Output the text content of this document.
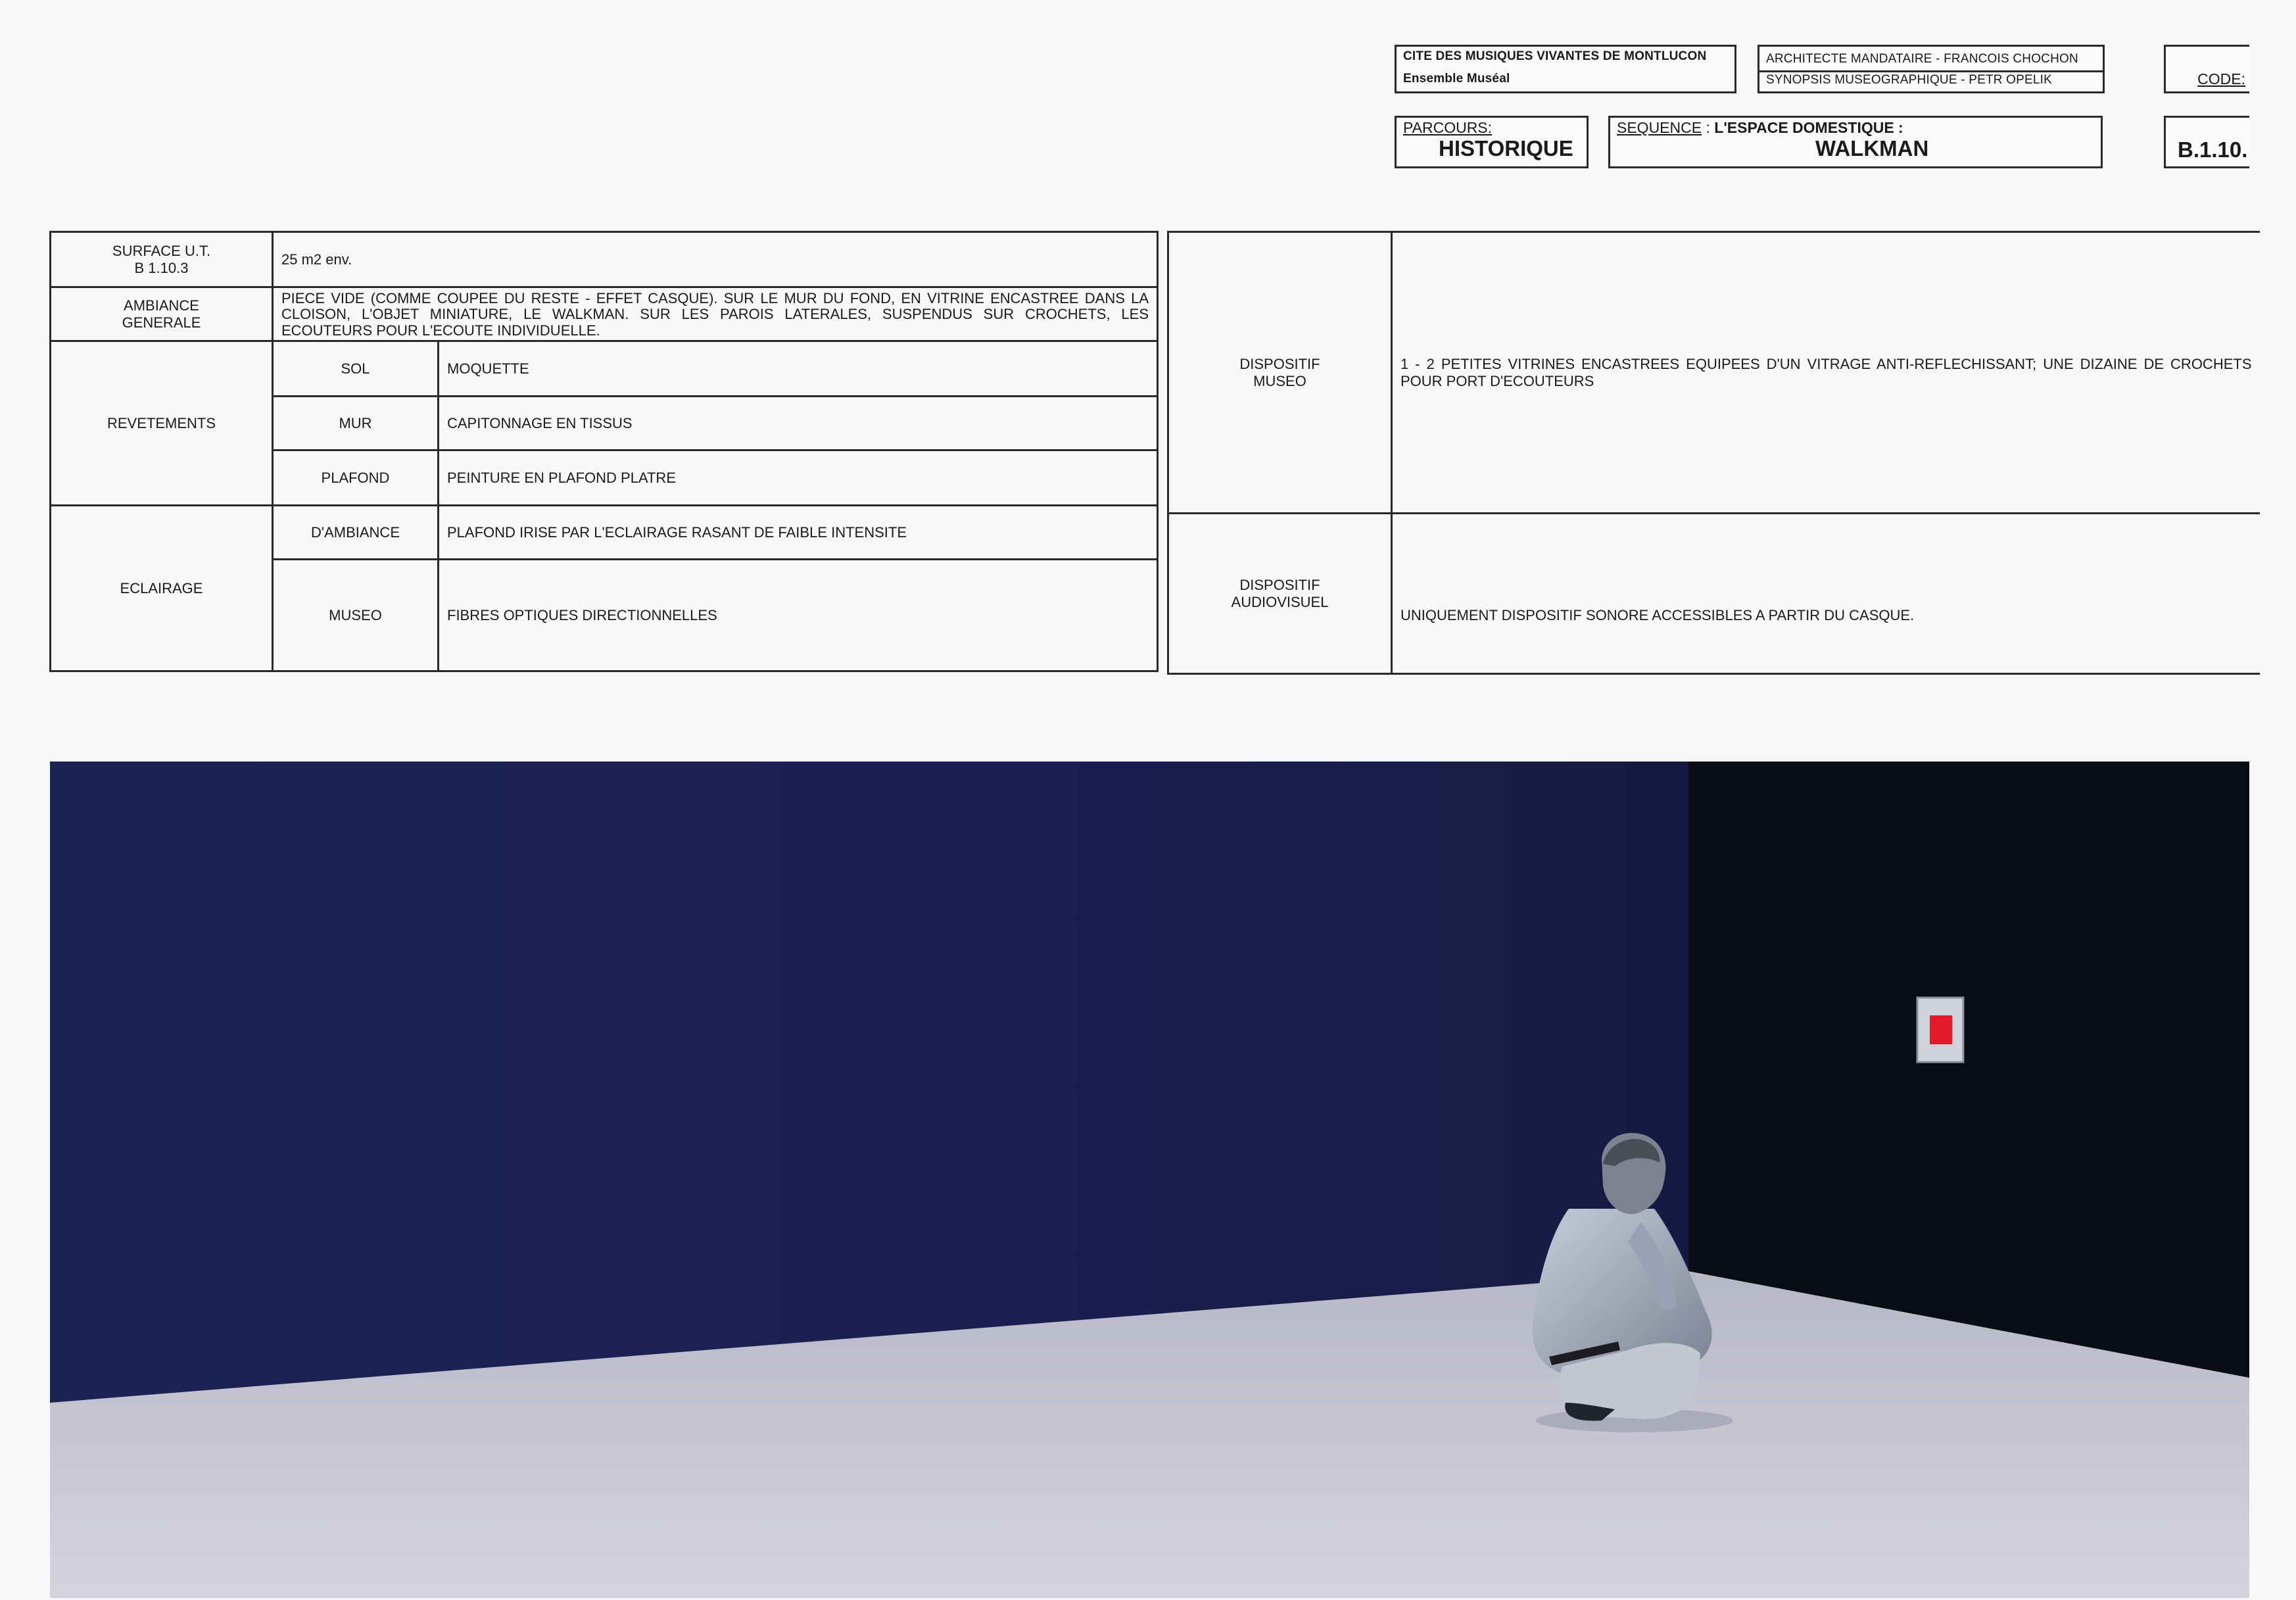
CITE DES MUSIQUES VIVANTES DE MONTLUCON
Ensemble Muséal
ARCHITECTE MANDATAIRE - FRANCOIS CHOCHON
SYNOPSIS MUSEOGRAPHIQUE - PETR OPELIK	CODE:
PARCOURS:
HISTORIQUE
SEQUENCE : L'ESPACE DOMESTIQUE :
WALKMAN	B.1.10.
SURFACE U.T.
B 1.10.3	25 m2 env.	
AMBIANCE
GENERALE	PIECE VIDE (COMME COUPEE DU RESTE - EFFET CASQUE). SUR LE MUR DU FOND, EN VITRINE ENCASTREE DANS LA CLOISON, L'OBJET MINIATURE, LE WALKMAN. SUR LES PAROIS LATERALES, SUSPENDUS SUR CROCHETS, LES ECOUTEURS POUR L'ECOUTE INDIVIDUELLE.	
REVETEMENTS	SOL	MOQUETTE
	MUR	CAPITONNAGE EN TISSUS
	PLAFOND	PEINTURE EN PLAFOND PLATRE
ECLAIRAGE	D'AMBIANCE	PLAFOND IRISE PAR L'ECLAIRAGE RASANT DE FAIBLE INTENSITE
	MUSEO	FIBRES OPTIQUES DIRECTIONNELLES
DISPOSITIF
MUSEO	1 - 2 PETITES VITRINES ENCASTREES EQUIPEES D'UN VITRAGE ANTI-REFLECHISSANT; UNE DIZAINE DE CROCHETS POUR PORT D'ECOUTEURS
DISPOSITIF
AUDIOVISUEL	UNIQUEMENT DISPOSITIF SONORE ACCESSIBLES A PARTIR DU CASQUE.
